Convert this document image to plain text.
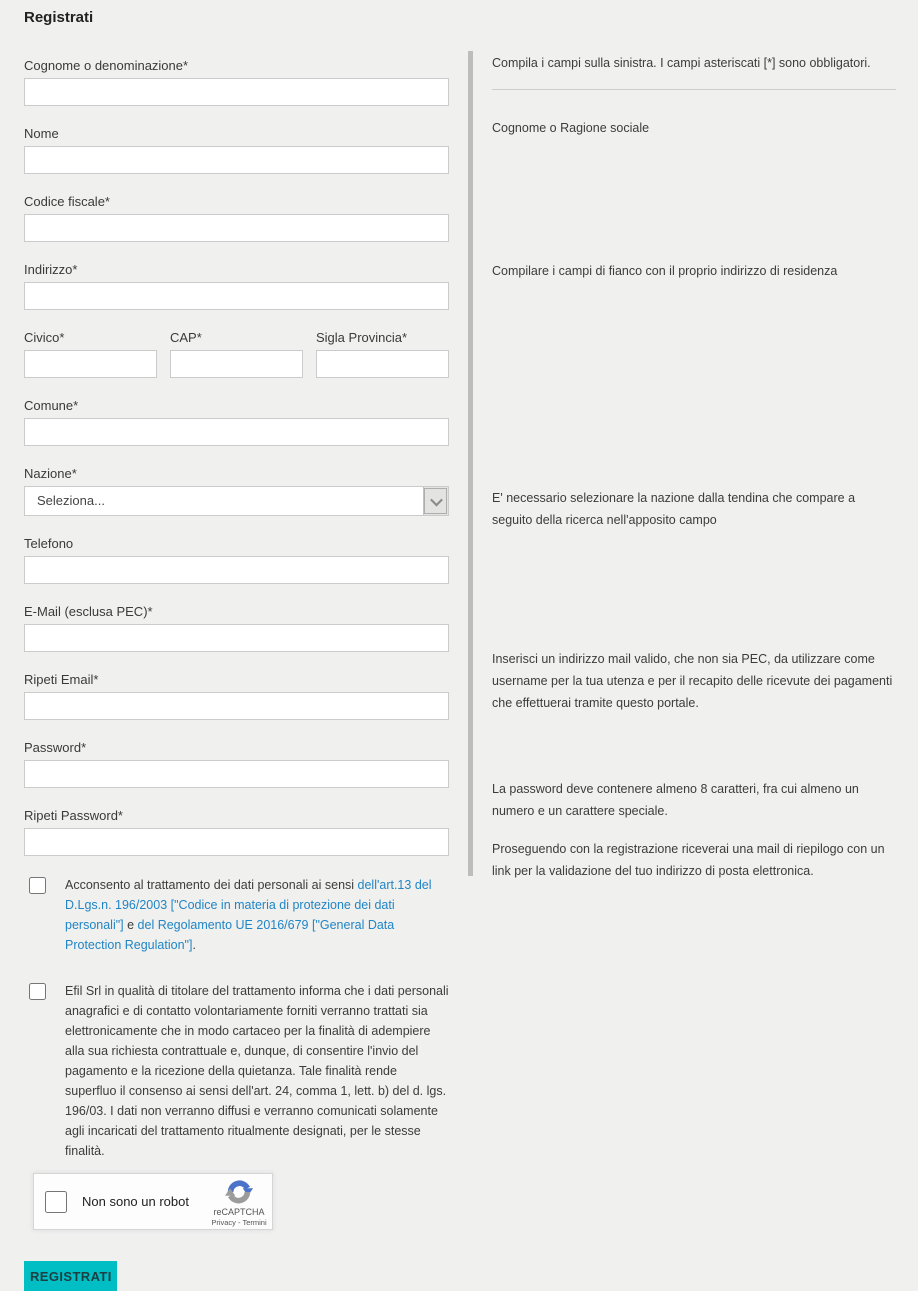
Registrati
Cognome o denominazione*
Nome
Codice fiscale*
Indirizzo*
Civico*	CAP*	Sigla Provincia*
Comune*
Nazione*
Seleziona...
Telefono
E-Mail (esclusa PEC)*
Ripeti Email*
Password*
Ripeti Password*
Acconsento al trattamento dei dati personali ai sensi dell'art.13 del D.Lgs.n. 196/2003 ["Codice in materia di protezione dei dati personali"] e del Regolamento UE 2016/679 ["General Data Protection Regulation"].
Efil Srl in qualità di titolare del trattamento informa che i dati personali anagrafici e di contatto volontariamente forniti verranno trattati sia elettronicamente che in modo cartaceo per la finalità di adempiere alla sua richiesta contrattuale e, dunque, di consentire l'invio del pagamento e la ricezione della quietanza. Tale finalità rende superfluo il consenso ai sensi dell'art. 24, comma 1, lett. b) del d. lgs. 196/03. I dati non verranno diffusi e verranno comunicati solamente agli incaricati del trattamento ritualmente designati, per le stesse finalità.
Non sono un robot
reCAPTCHA
Privacy - Termini
REGISTRATI

Compila i campi sulla sinistra. I campi asteriscati [*] sono obbligatori.

Cognome o Ragione sociale

Compilare i campi di fianco con il proprio indirizzo di residenza

E' necessario selezionare la nazione dalla tendina che compare a seguito della ricerca nell'apposito campo

Inserisci un indirizzo mail valido, che non sia PEC, da utilizzare come username per la tua utenza e per il recapito delle ricevute dei pagamenti che effettuerai tramite questo portale.

La password deve contenere almeno 8 caratteri, fra cui almeno un numero e un carattere speciale.

Proseguendo con la registrazione riceverai una mail di riepilogo con un link per la validazione del tuo indirizzo di posta elettronica.
